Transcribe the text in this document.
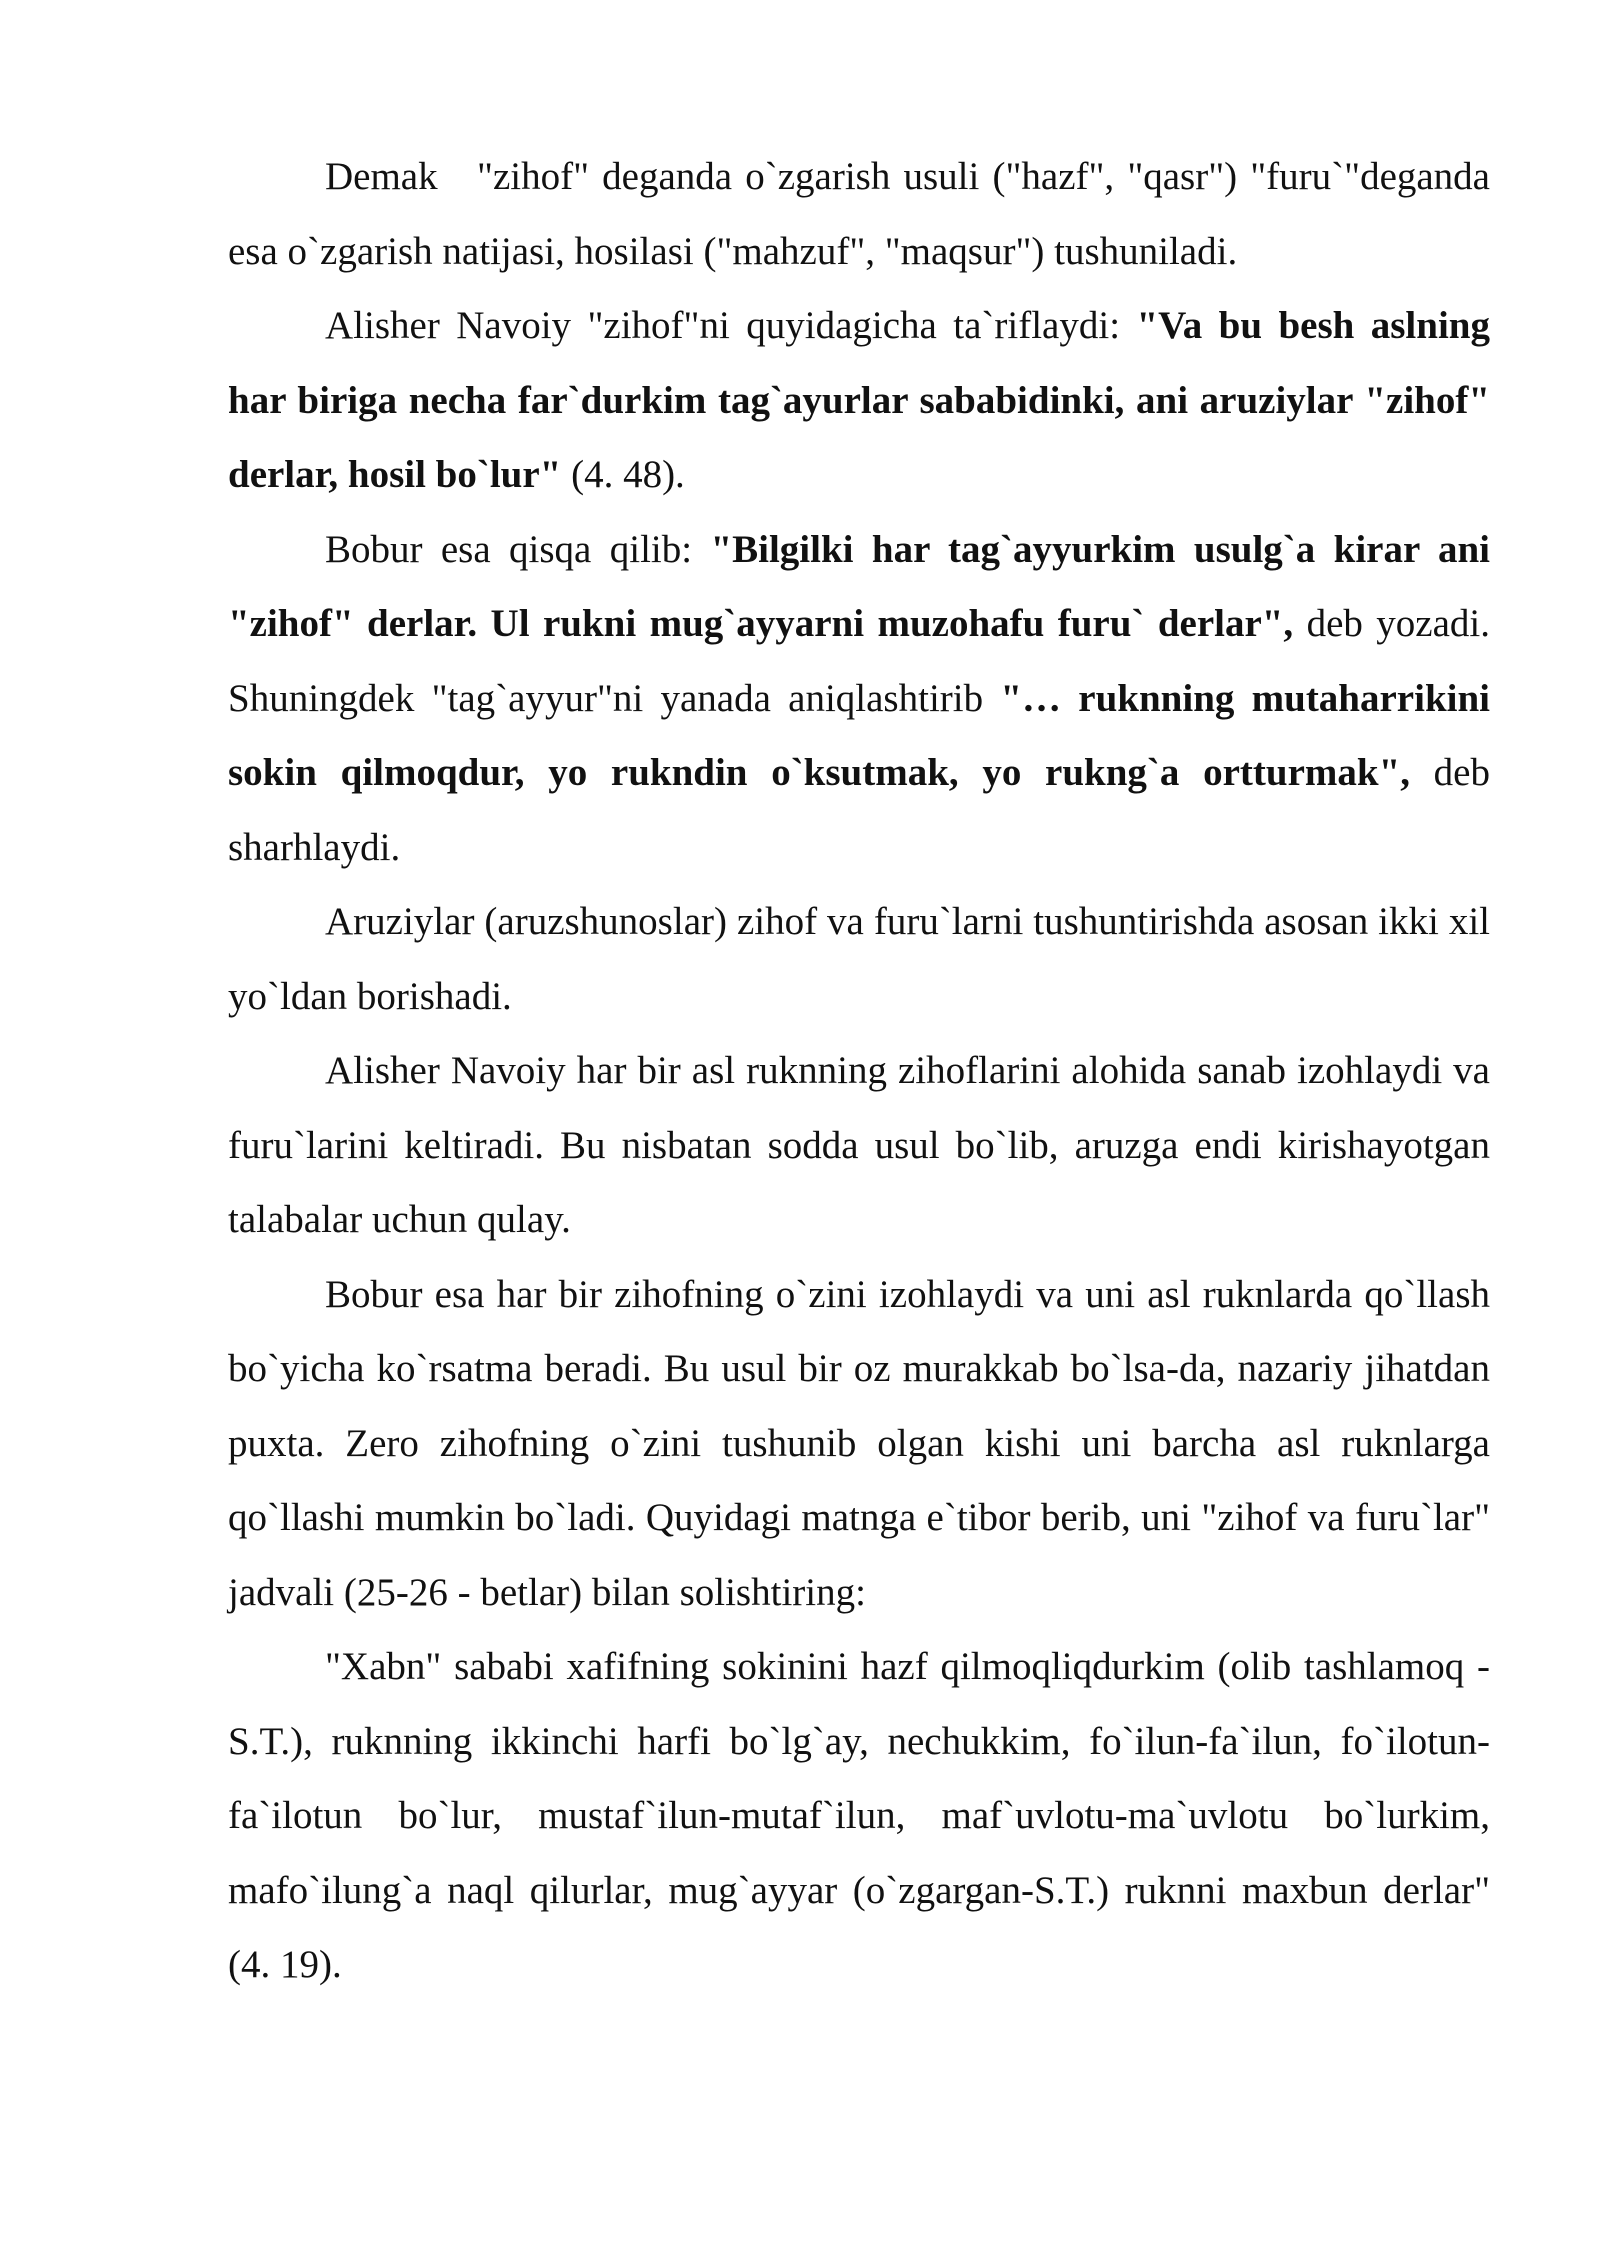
Demak   "zihof" deganda o`zgarish usuli ("hazf", "qasr") "furu`"deganda esa o`zgarish natijasi, hosilasi ("mahzuf", "maqsur") tushuniladi.

Alisher Navoiy "zihof"ni quyidagicha ta`riflaydi: "Va bu besh aslning har biriga necha far`durkim tag`ayurlar sababidinki, ani aruziylar "zihof" derlar, hosil bo`lur" (4. 48).

Bobur esa qisqa qilib: "Bilgilki har tag`ayyurkim usulg`a kirar ani "zihof" derlar. Ul rukni mug`ayyarni muzohafu furu` derlar", deb yozadi. Shuningdek "tag`ayyur"ni yanada aniqlashtirib "… ruknning mutaharrikini sokin qilmoqdur, yo rukndin o`ksutmak, yo rukng`a ortturmak", deb sharhlaydi.

Aruziylar (aruzshunoslar) zihof va furu`larni tushuntirishda asosan ikki xil yo`ldan borishadi.

Alisher Navoiy har bir asl ruknning zihoflarini alohida sanab izohlaydi va furu`larini keltiradi. Bu nisbatan sodda usul bo`lib, aruzga endi kirishayotgan talabalar uchun qulay.

Bobur esa har bir zihofning o`zini izohlaydi va uni asl ruknlarda qo`llash bo`yicha ko`rsatma beradi. Bu usul bir oz murakkab bo`lsa-da, nazariy jihatdan puxta. Zero zihofning o`zini tushunib olgan kishi uni barcha asl ruknlarga qo`llashi mumkin bo`ladi. Quyidagi matnga e`tibor berib, uni "zihof va furu`lar" jadvali (25-26 - betlar) bilan solishtiring:

"Xabn" sababi xafifning sokinini hazf qilmoqliqdurkim (olib tashlamoq - S.T.), ruknning ikkinchi harfi bo`lg`ay, nechukkim, fo`ilun-fa`ilun, fo`ilotun-fa`ilotun bo`lur, mustaf`ilun-mutaf`ilun, maf`uvlotu-ma`uvlotu bo`lurkim, mafo`ilung`a naql qilurlar, mug`ayyar (o`zgargan-S.T.) ruknni maxbun derlar" (4. 19).
